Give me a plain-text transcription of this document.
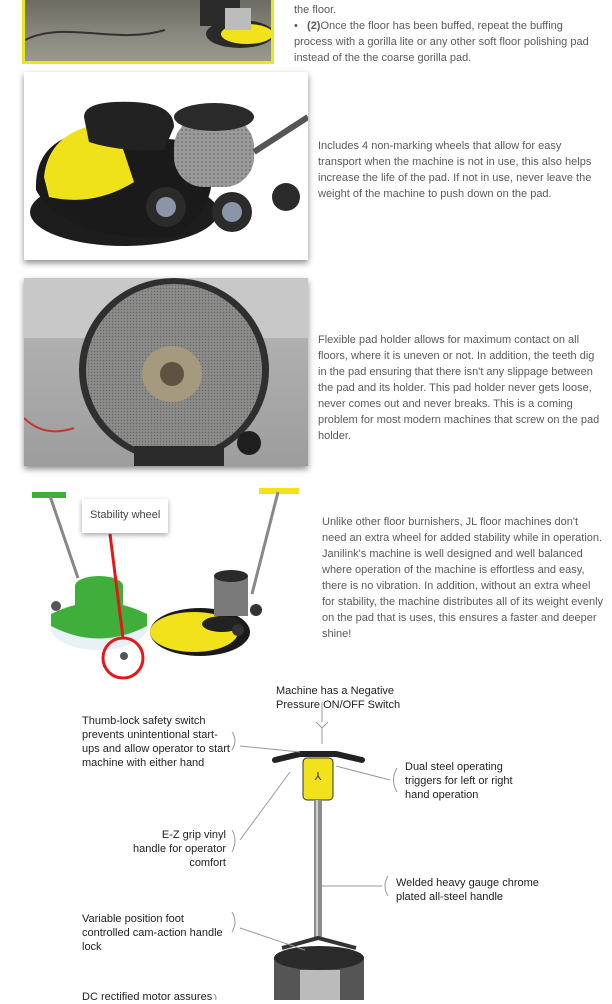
the floor.
•   (2)Once the floor has been buffed, repeat the buffing process with a gorilla lite or any other soft floor polishing pad instead of the the coarse gorilla pad.
Includes 4 non-marking wheels that allow for easy transport when the machine is not in use, this also helps increase the life of the pad. If not in use, never leave the weight of the machine to push down on the pad.
Flexible pad holder allows for maximum contact on all floors, where it is uneven or not. In addition, the teeth dig in the pad ensuring that there isn't any slippage between the pad and its holder. This pad holder never gets loose, never comes out and never breaks. This is a coming problem for most modern machines that screw on the pad holder.
Stability wheel
Unlike other floor burnishers, JL floor machines don't need an extra wheel for added stability while in operation. Janilink's machine is well designed and well balanced where operation of the machine is effortless and easy, there is no vibration. In addition, without an extra wheel for stability, the machine distributes all of its weight evenly on the pad that is uses, this ensures a faster and deeper shine!
⅄
Machine has a Negative Pressure ON/OFF Switch
Thumb-lock safety switch prevents unintentional start-ups and allow operator to start machine with either hand	Dual steel operating triggers for left or right hand operation
E-Z grip vinyl handle for operator comfort
Welded heavy gauge chrome plated all-steel handle
Variable position foot controlled cam-action handle lock
DC rectified motor assures
